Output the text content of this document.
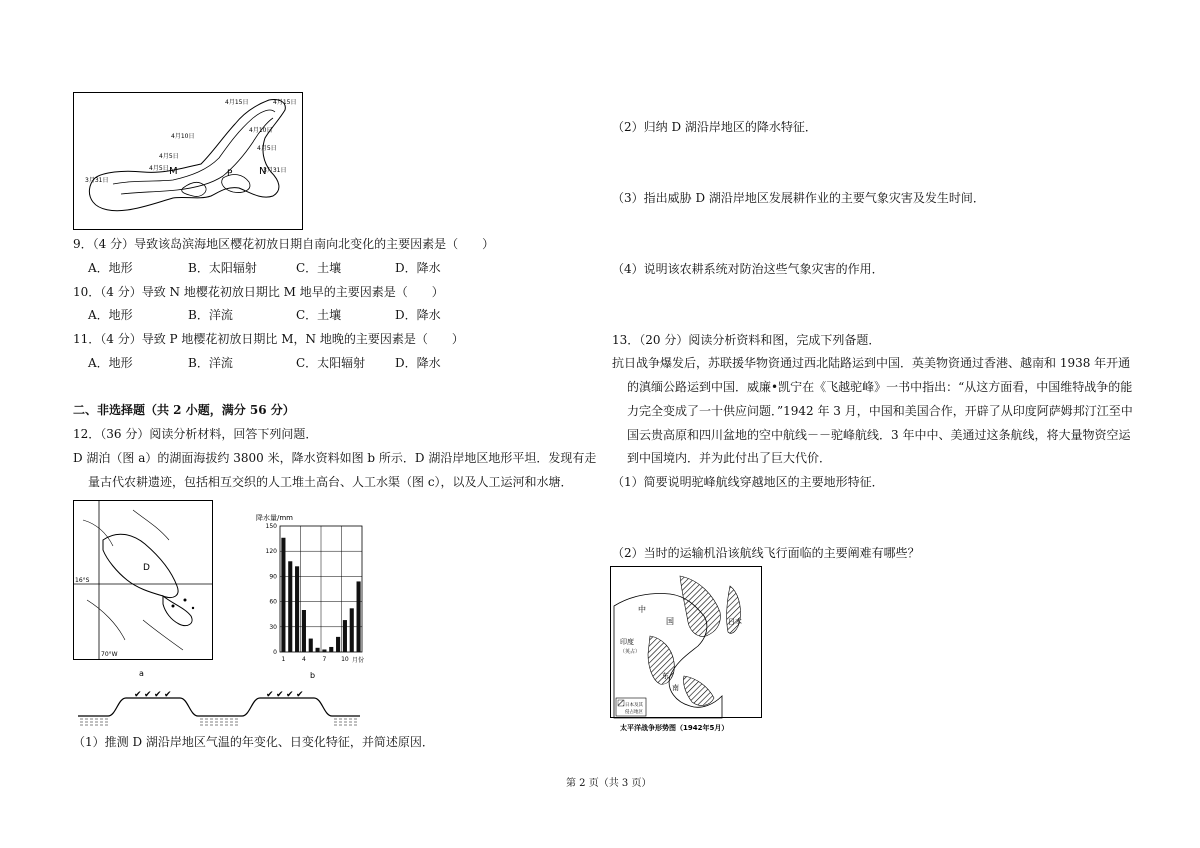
4月15日	4月15日
4月10日
4月10日
4月5日
4月5日
4月5日
3月31日
3月31日
M	P	N
9．（4 分）导致该岛滨海地区樱花初放日期自南向北变化的主要因素是（　　）
A．地形	B．太阳辐射	C．土壤	D．降水
10．（4 分）导致 N 地樱花初放日期比 M 地早的主要因素是（　　）
A．地形	B．洋流	C．土壤	D．降水
11．（4 分）导致 P 地樱花初放日期比 M，N 地晚的主要因素是（　　）
A．地形	B．洋流	C．太阳辐射 D．降水
二、非选择题（共 2 小题，满分 56 分）
12．（36 分）阅读分析材料，回答下列问题．
D 湖泊（图 a）的湖面海拔约 3800 米，降水资料如图 b 所示．D 湖沿岸地区地形平坦．发现有走
量古代农耕遗迹，包括相互交织的人工堆土高台、人工水渠（图 c），以及人工运河和水塘．
D
16°S
70°W
a
降水量/mm
150
120
90
60
30
0
1	4	7 10 月份
b
✔ ✔ ✔ ✔	✔ ✔ ✔ ✔
（1）推测 D 湖沿岸地区气温的年变化、日变化特征，并简述原因．
（2）归纳 D 湖沿岸地区的降水特征．
（3）指出威胁 D 湖沿岸地区发展耕作业的主要气象灾害及发生时间．
（4）说明该农耕系统对防治这些气象灾害的作用．
13．（20 分）阅读分析资料和图，完成下列备题．
抗日战争爆发后，苏联援华物资通过西北陆路运到中国．英美物资通过香港、越南和 1938 年开通
的滇缅公路运到中国．威廉•凯宁在《飞越驼峰》一书中指出：“从这方面看，中国维特战争的能
力完全变成了一十供应问题．”1942 年 3 月，中国和美国合作，开辟了从印度阿萨姆邦汀江至中
国云贵高原和四川盆地的空中航线－－驼峰航线．3 年中中、美通过这条航线，将大量物资空运
到中国境内．并为此付出了巨大代价．
（1）简要说明驼峰航线穿越地区的主要地形特征．
（2）当时的运输机沿该航线飞行面临的主要阐难有哪些？
中
国	日本
印度
（英占）
东
南
日本及其
侵占地区
太平洋战争形势图（1942年5月）
第 2 页（共 3 页）
